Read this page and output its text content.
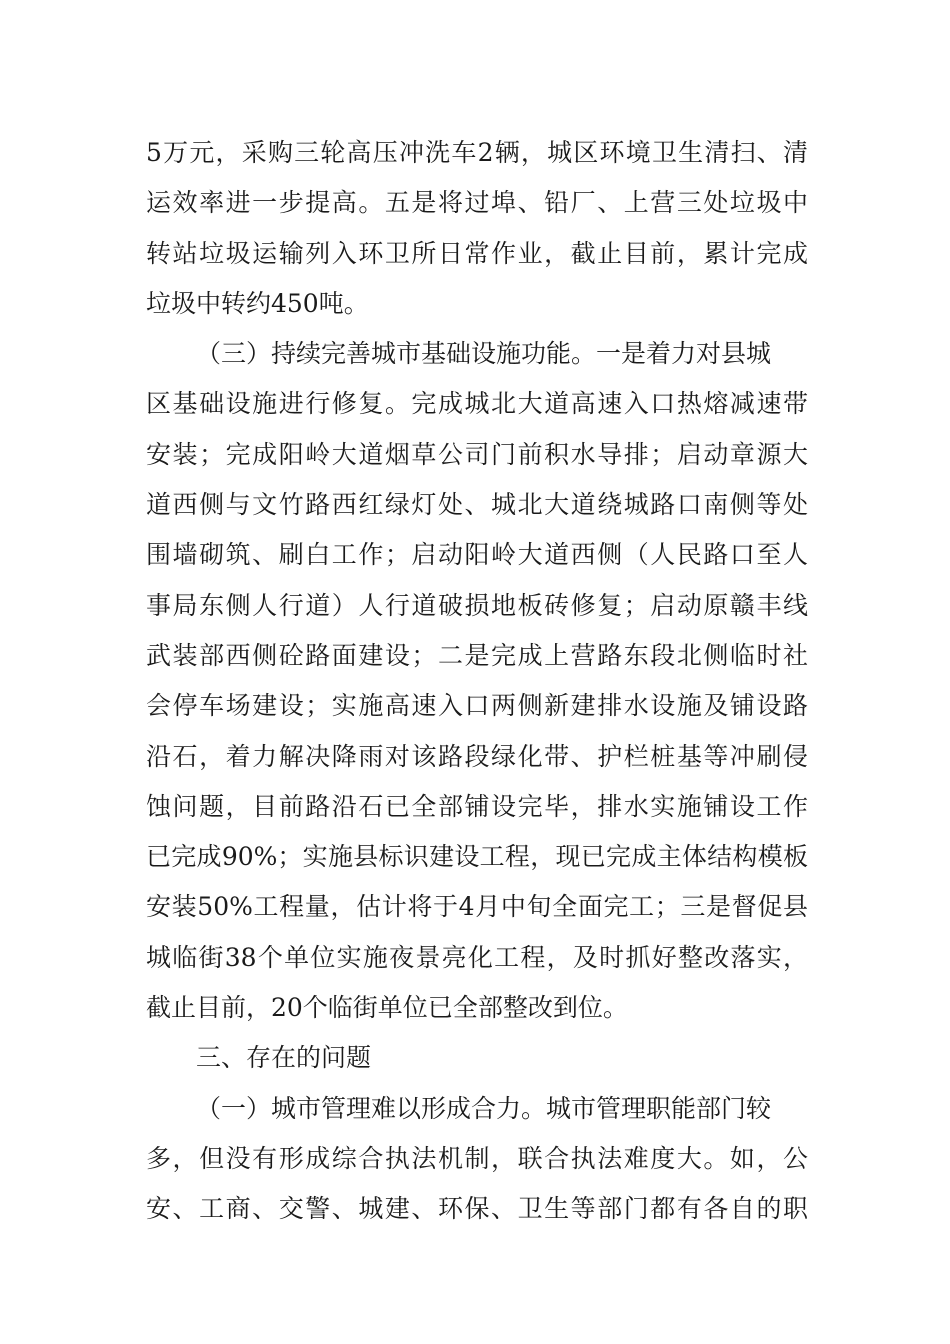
5万元，采购三轮高压冲洗车2辆，城区环境卫生清扫、清
运效率进一步提高。五是将过埠、铅厂、上营三处垃圾中
转站垃圾运输列入环卫所日常作业，截止目前，累计完成
垃圾中转约450吨。
（三）持续完善城市基础设施功能。一是着力对县城
区基础设施进行修复。完成城北大道高速入口热熔减速带
安装；完成阳岭大道烟草公司门前积水导排；启动章源大
道西侧与文竹路西红绿灯处、城北大道绕城路口南侧等处
围墙砌筑、刷白工作；启动阳岭大道西侧（人民路口至人
事局东侧人行道）人行道破损地板砖修复；启动原赣丰线
武装部西侧砼路面建设；二是完成上营路东段北侧临时社
会停车场建设；实施高速入口两侧新建排水设施及铺设路
沿石，着力解决降雨对该路段绿化带、护栏桩基等冲刷侵
蚀问题，目前路沿石已全部铺设完毕，排水实施铺设工作
已完成90%；实施县标识建设工程，现已完成主体结构模板
安装50%工程量，估计将于4月中旬全面完工；三是督促县
城临街38个单位实施夜景亮化工程，及时抓好整改落实，
截止目前，20个临街单位已全部整改到位。
三、存在的问题
（一）城市管理难以形成合力。城市管理职能部门较
多，但没有形成综合执法机制，联合执法难度大。如，公
安、工商、交警、城建、环保、卫生等部门都有各自的职
